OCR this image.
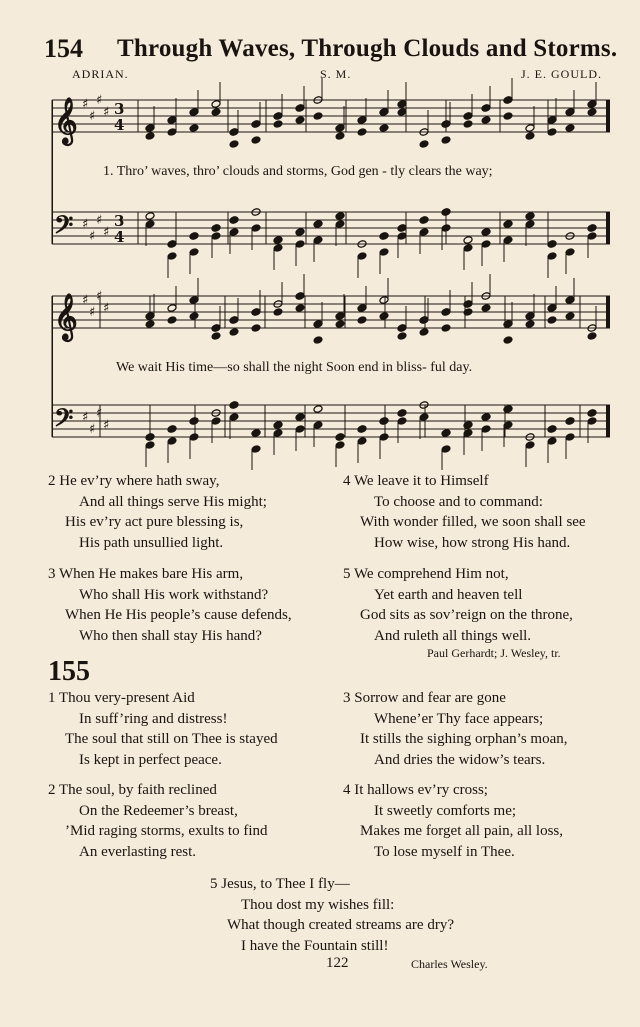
154 Through Waves, Through Clouds and Storms.
ADRIAN.	S. M.	J. E. GOULD.
𝄞 ♯
♯
♯
♯ 3
4
𝄢 ♯
♯
♯
♯
3
4
𝄞 ♯
♯
♯
♯
𝄢 ♯
♯
♯
♯
1. Thro’ waves, thro’ clouds and storms, God gen - tly clears the way;
We wait His time—so shall the night Soon end in bliss- ful day.
2 He ev’ry where hath sway,
And all things serve His might;
His ev’ry act pure blessing is,
His path unsullied light.
3 When He makes bare His arm,
Who shall His work withstand?
When He His people’s cause defends,
Who then shall stay His hand?
4 We leave it to Himself
To choose and to command:
With wonder filled, we soon shall see
How wise, how strong His hand.
5 We comprehend Him not,
Yet earth and heaven tell
God sits as sov’reign on the throne,
And ruleth all things well.
Paul Gerhardt; J. Wesley, tr.
155
1 Thou very-present Aid
In suff’ring and distress!
The soul that still on Thee is stayed
Is kept in perfect peace.
2 The soul, by faith reclined
On the Redeemer’s breast,
’Mid raging storms, exults to find
An everlasting rest.
3 Sorrow and fear are gone
Whene’er Thy face appears;
It stills the sighing orphan’s moan,
And dries the widow’s tears.
4 It hallows ev’ry cross;
It sweetly comforts me;
Makes me forget all pain, all loss,
To lose myself in Thee.
5 Jesus, to Thee I fly—
Thou dost my wishes fill:
What though created streams are dry?
I have the Fountain still!
122	Charles Wesley.
